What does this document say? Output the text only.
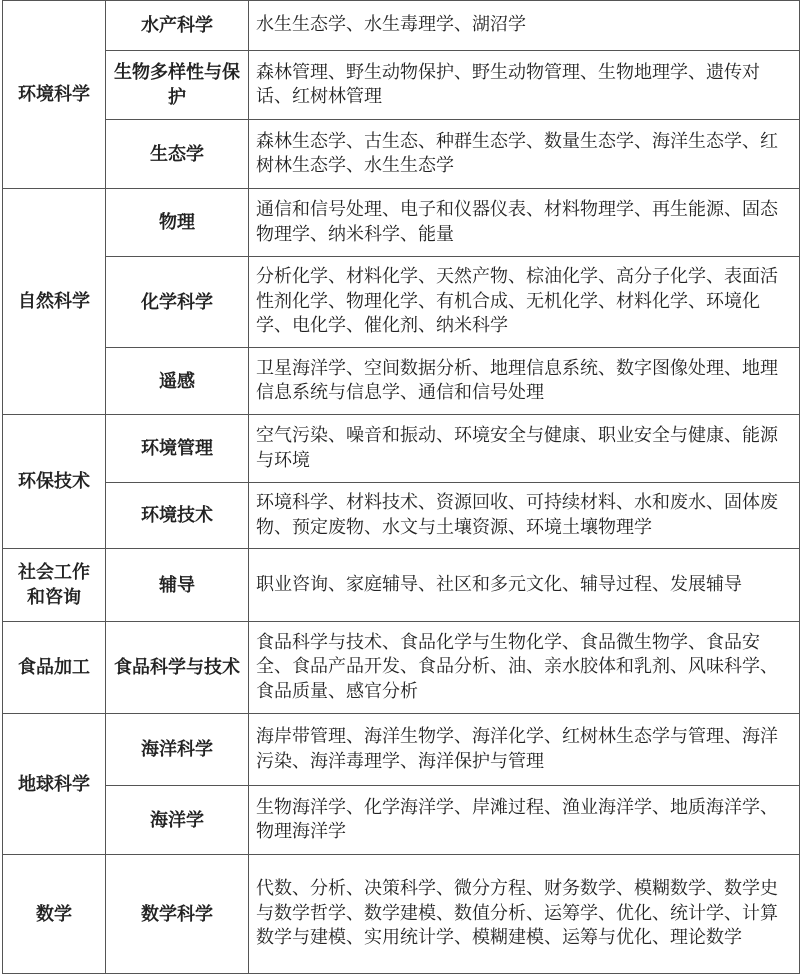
环境科学	水产科学	水生生态学、水生毒理学、湖沼学
	生物多样性与保护	森林管理、野生动物保护、野生动物管理、生物地理学、遗传对话、红树林管理
	生态学	森林生态学、古生态、种群生态学、数量生态学、海洋生态学、红树林生态学、水生生态学
自然科学	物理	通信和信号处理、电子和仪器仪表、材料物理学、再生能源、固态物理学、纳米科学、能量
	化学科学	分析化学、材料化学、天然产物、棕油化学、高分子化学、表面活性剂化学、物理化学、有机合成、无机化学、材料化学、环境化学、电化学、催化剂、纳米科学
	遥感	卫星海洋学、空间数据分析、地理信息系统、数字图像处理、地理信息系统与信息学、通信和信号处理
环保技术	环境管理	空气污染、噪音和振动、环境安全与健康、职业安全与健康、能源与环境
	环境技术	环境科学、材料技术、资源回收、可持续材料、水和废水、固体废物、预定废物、水文与土壤资源、环境土壤物理学
社会工作和咨询	辅导	职业咨询、家庭辅导、社区和多元文化、辅导过程、发展辅导
食品加工	食品科学与技术	食品科学与技术、食品化学与生物化学、食品微生物学、食品安全、食品产品开发、食品分析、油、亲水胶体和乳剂、风味科学、食品质量、感官分析
地球科学	海洋科学	海岸带管理、海洋生物学、海洋化学、红树林生态学与管理、海洋污染、海洋毒理学、海洋保护与管理
	海洋学	生物海洋学、化学海洋学、岸滩过程、渔业海洋学、地质海洋学、物理海洋学
数学	数学科学	代数、分析、决策科学、微分方程、财务数学、模糊数学、数学史与数学哲学、数学建模、数值分析、运筹学、优化、统计学、计算数学与建模、实用统计学、模糊建模、运筹与优化、理论数学
